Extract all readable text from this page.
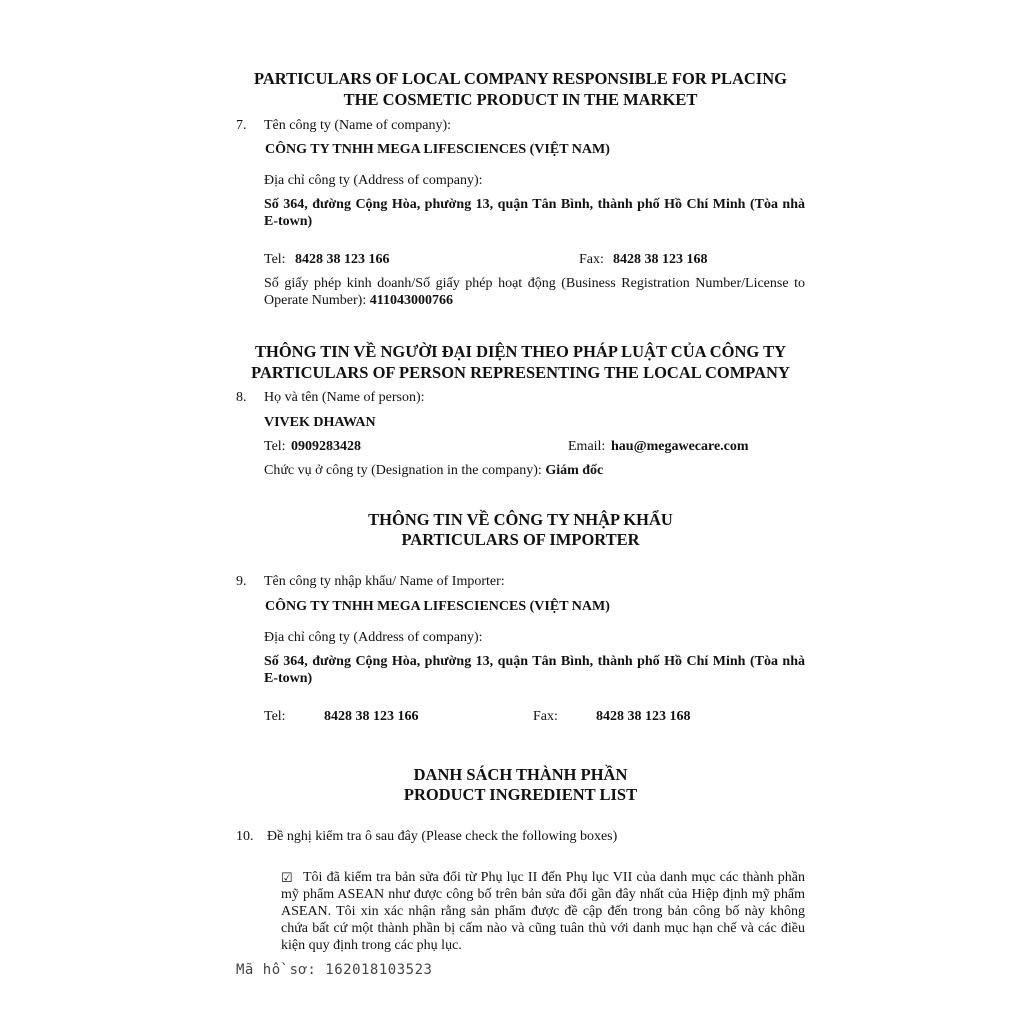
PARTICULARS OF LOCAL COMPANY RESPONSIBLE FOR PLACING
THE COSMETIC PRODUCT IN THE MARKET
7. Tên công ty (Name of company):
CÔNG TY TNHH MEGA LIFESCIENCES (VIỆT NAM)
Địa chỉ công ty (Address of company):
Số 364, đường Cộng Hòa, phường 13, quận Tân Bình, thành phố Hồ Chí Minh (Tòa nhà E-town)
Tel: 8428 38 123 166	Fax: 8428 38 123 168
Số giấy phép kinh doanh/Số giấy phép hoạt động (Business Registration Number/License to Operate Number): 411043000766
THÔNG TIN VỀ NGƯỜI ĐẠI DIỆN THEO PHÁP LUẬT CỦA CÔNG TY
PARTICULARS OF PERSON REPRESENTING THE LOCAL COMPANY
8. Họ và tên (Name of person):
VIVEK DHAWAN
Tel: 0909283428	Email: hau@megawecare.com
Chức vụ ở công ty (Designation in the company): Giám đốc
THÔNG TIN VỀ CÔNG TY NHẬP KHẨU
PARTICULARS OF IMPORTER
9. Tên công ty nhập khẩu/ Name of Importer:
CÔNG TY TNHH MEGA LIFESCIENCES (VIỆT NAM)
Địa chỉ công ty (Address of company):
Số 364, đường Cộng Hòa, phường 13, quận Tân Bình, thành phố Hồ Chí Minh (Tòa nhà E-town)
Tel:	8428 38 123 166	Fax:	8428 38 123 168
DANH SÁCH THÀNH PHẦN
PRODUCT INGREDIENT LIST
10. Đề nghị kiểm tra ô sau đây (Please check the following boxes)
☑ Tôi đã kiểm tra bản sửa đổi từ Phụ lục II đến Phụ lục VII của danh mục các thành phần mỹ phẩm ASEAN như được công bố trên bản sửa đổi gần đây nhất của Hiệp định mỹ phẩm ASEAN. Tôi xin xác nhận rằng sản phẩm được đề cập đến trong bản công bố này không chứa bất cứ một thành phần bị cấm nào và cũng tuân thủ với danh mục hạn chế và các điều kiện quy định trong các phụ lục.
Mã hồ sơ: 162018103523
